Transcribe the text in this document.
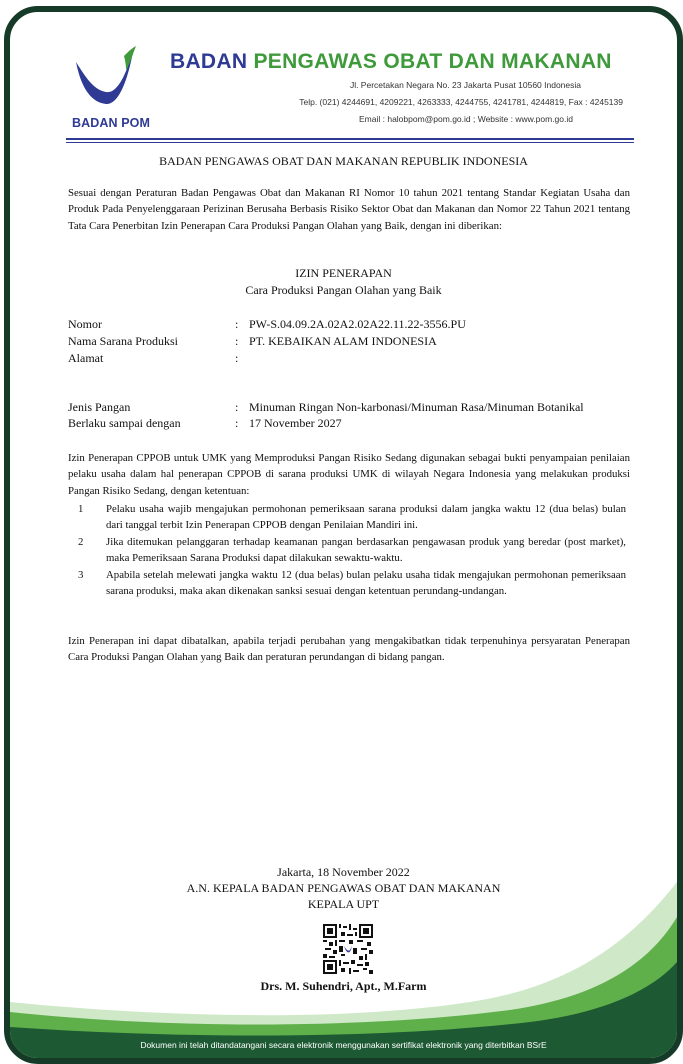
BADAN POM
BADAN PENGAWAS OBAT DAN MAKANAN
Jl. Percetakan Negara No. 23 Jakarta Pusat 10560 Indonesia
Telp. (021) 4244691, 4209221, 4263333, 4244755, 4241781, 4244819, Fax : 4245139
Email : halobpom@pom.go.id ; Website : www.pom.go.id
BADAN PENGAWAS OBAT DAN MAKANAN REPUBLIK INDONESIA
Sesuai dengan Peraturan Badan Pengawas Obat dan Makanan RI Nomor 10 tahun 2021 tentang Standar Kegiatan Usaha dan Produk Pada Penyelenggaraan Perizinan Berusaha Berbasis Risiko Sektor Obat dan Makanan dan Nomor 22 Tahun 2021 tentang Tata Cara Penerbitan Izin Penerapan Cara Produksi Pangan Olahan yang Baik, dengan ini diberikan:
IZIN PENERAPAN
Cara Produksi Pangan Olahan yang Baik
Nomor	: PW-S.04.09.2A.02A2.02A22.11.22-3556.PU
Nama Sarana Produksi	: PT. KEBAIKAN ALAM INDONESIA
Alamat	:
Jenis Pangan	: Minuman Ringan Non-karbonasi/Minuman Rasa/Minuman Botanikal
Berlaku sampai dengan	: 17 November 2027
Izin Penerapan CPPOB untuk UMK yang Memproduksi Pangan Risiko Sedang digunakan sebagai bukti penyampaian penilaian pelaku usaha dalam hal penerapan CPPOB di sarana produksi UMK di wilayah Negara Indonesia yang melakukan produksi Pangan Risiko Sedang, dengan ketentuan:
1 Pelaku usaha wajib mengajukan permohonan pemeriksaan sarana produksi dalam jangka waktu 12 (dua belas) bulan dari tanggal terbit Izin Penerapan CPPOB dengan Penilaian Mandiri ini.
2 Jika ditemukan pelanggaran terhadap keamanan pangan berdasarkan pengawasan produk yang beredar (post market), maka Pemeriksaan Sarana Produksi dapat dilakukan sewaktu-waktu.
3 Apabila setelah melewati jangka waktu 12 (dua belas) bulan pelaku usaha tidak mengajukan permohonan pemeriksaan sarana produksi, maka akan dikenakan sanksi sesuai dengan ketentuan perundang-undangan.
Izin Penerapan ini dapat dibatalkan, apabila terjadi perubahan yang mengakibatkan tidak terpenuhinya persyaratan Penerapan Cara Produksi Pangan Olahan yang Baik dan peraturan perundangan di bidang pangan.
Jakarta, 18 November 2022
A.N. KEPALA BADAN PENGAWAS OBAT DAN MAKANAN
KEPALA UPT
Drs. M. Suhendri, Apt., M.Farm
Dokumen ini telah ditandatangani secara elektronik menggunakan sertifikat elektronik yang diterbitkan BSrE
